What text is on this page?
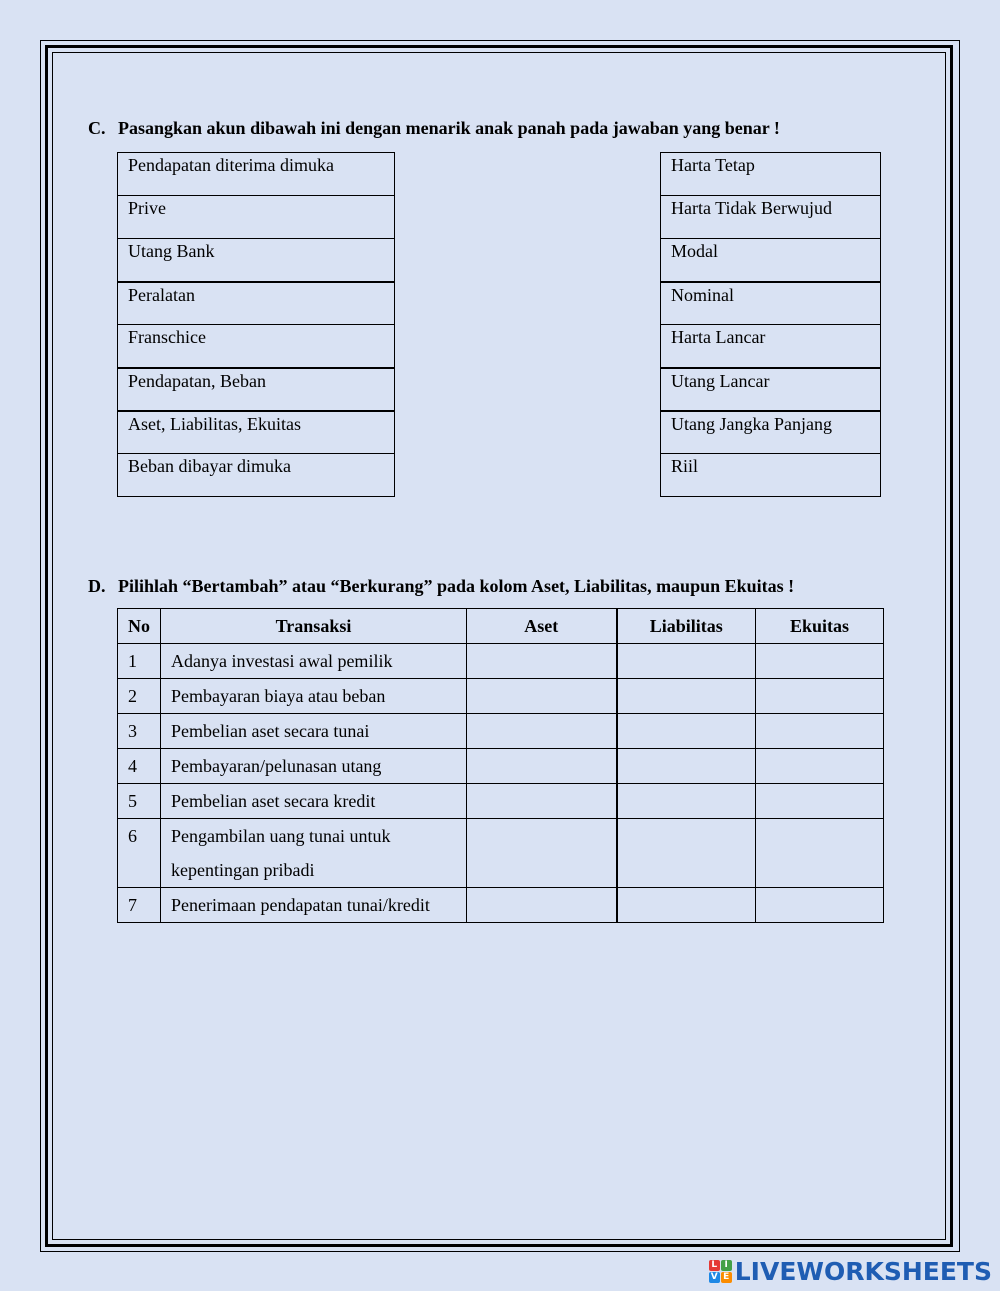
C. Pasangkan akun dibawah ini dengan menarik anak panah pada jawaban yang benar !
Pendapatan diterima dimuka

Prive

Utang Bank

Peralatan

Franschice

Pendapatan, Beban

Aset, Liabilitas, Ekuitas

Beban dibayar dimuka
Harta Tetap

Harta Tidak Berwujud

Modal

Nominal

Harta Lancar

Utang Lancar

Utang Jangka Panjang

Riil
D. Pilihlah “Bertambah” atau “Berkurang” pada kolom Aset, Liabilitas, maupun Ekuitas !
No	Transaksi	Aset	Liabilitas	Ekuitas
1	Adanya investasi awal pemilik			
2	Pembayaran biaya atau beban			
3	Pembelian aset secara tunai			
4	Pembayaran/pelunasan utang			
5	Pembelian aset secara kredit			
6	Pengambilan uang tunai untuk
kepentingan pribadi			

7	Penerimaan pendapatan tunai/kredit			
L I
V E LIVEWORKSHEETS
